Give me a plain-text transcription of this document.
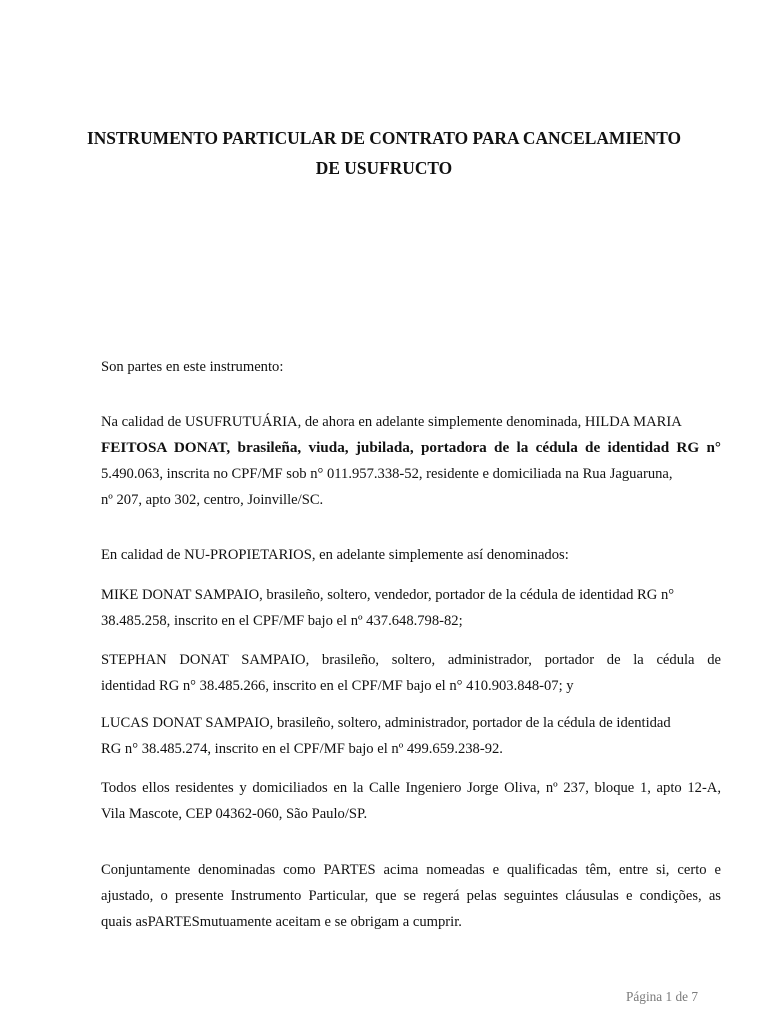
INSTRUMENTO PARTICULAR DE CONTRATO PARA CANCELAMIENTO
DE USUFRUCTO
Son partes en este instrumento:
Na calidad de USUFRUTUÁRIA, de ahora en adelante simplemente denominada, HILDA MARIA
FEITOSA DONAT, brasileña, viuda, jubilada, portadora de la cédula de identidad RG n°
5.490.063, inscrita no CPF/MF sob n° 011.957.338-52, residente e domiciliada na Rua Jaguaruna,
nº 207, apto 302, centro, Joinville/SC.
En calidad de NU-PROPIETARIOS, en adelante simplemente así denominados:
MIKE DONAT SAMPAIO, brasileño, soltero, vendedor, portador de la cédula de identidad RG n°
38.485.258, inscrito en el CPF/MF bajo el nº 437.648.798-82;
STEPHAN DONAT SAMPAIO, brasileño, soltero, administrador, portador de la cédula de
identidad RG n° 38.485.266, inscrito en el CPF/MF bajo el n° 410.903.848-07; y
LUCAS DONAT SAMPAIO, brasileño, soltero, administrador, portador de la cédula de identidad
RG n° 38.485.274, inscrito en el CPF/MF bajo el nº 499.659.238-92.
Todos ellos residentes y domiciliados en la Calle Ingeniero Jorge Oliva, nº 237, bloque 1, apto 12-A,
Vila Mascote, CEP 04362-060, São Paulo/SP.
Conjuntamente denominadas como PARTES acima nomeadas e qualificadas têm, entre si, certo e
ajustado, o presente Instrumento Particular, que se regerá pelas seguintes cláusulas e condições, as
quais asPARTESmutuamente aceitam e se obrigam a cumprir.
Página 1 de 7
